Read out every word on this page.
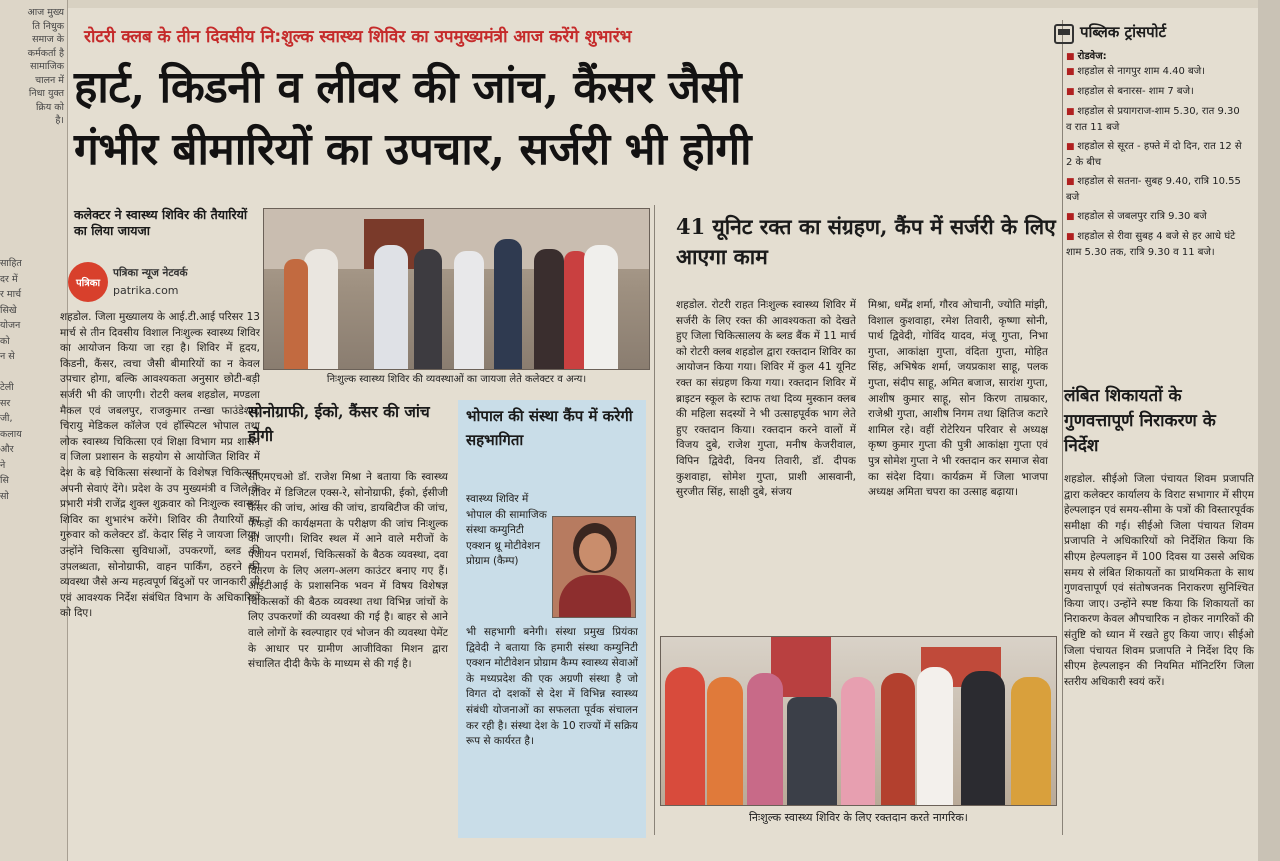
आज मुख्य
ति निधुक
समाज के
कर्मकर्ता है
सामाजिक
चालन में
निधा युक्त
क्रिय को
है।
साहित
दर में
र मार्च
सिखे
योजन
को
न से

टेली
सर
जी,
कलाय
और
ने
सि
सो
रोटरी क्लब के तीन दिवसीय नि:शुल्क स्वास्थ्य शिविर का उपमुख्यमंत्री आज करेंगे शुभारंभ
हार्ट, किडनी व लीवर की जांच, कैंसर जैसी
गंभीर बीमारियों का उपचार, सर्जरी भी होगी
कलेक्टर ने स्वास्थ्य शिविर की तैयारियों का लिया जायजा
पत्रिका
पत्रिका न्यूज नेटवर्क
patrika.com
शहडोल. जिला मुख्यालय के आई.टी.आई परिसर 13 मार्च से तीन दिवसीय विशाल निःशुल्क स्वास्थ्य शिविर का आयोजन किया जा रहा है। शिविर में हृदय, किडनी, कैंसर, त्वचा जैसी बीमारियों का न केवल उपचार होगा, बल्कि आवश्यकता अनुसार छोटी-बड़ी सर्जरी भी की जाएगी। रोटरी क्लब शहडोल, मण्डला मैकल एवं जबलपुर, राजकुमार तन्खा फाउंडेशन, चिरायु मेडिकल कॉलेज एवं हॉस्पिटल भोपाल तथा लोक स्वास्थ्य चिकित्सा एवं शिक्षा विभाग मप्र शासन व जिला प्रशासन के सहयोग से आयोजित शिविर में देश के बड़े चिकित्सा संस्थानों के विशेषज्ञ चिकित्सक अपनी सेवाएं देंगे। प्रदेश के उप मुख्यमंत्री व जिले के प्रभारी मंत्री राजेंद्र शुक्ल शुक्रवार को निःशुल्क स्वास्थ्य शिविर का शुभारंभ करेंगे। शिविर की तैयारियों का गुरुवार को कलेक्टर डॉ. केदार सिंह ने जायजा लिया। उन्होंने चिकित्सा सुविधाओं, उपकरणों, ब्लड की उपलब्धता, सोनोग्राफी, वाहन पार्किंग, ठहरने की व्यवस्था जैसे अन्य महत्वपूर्ण बिंदुओं पर जानकारी ली एवं आवश्यक निर्देश संबंधित विभाग के अधिकारियों को दिए।
निःशुल्क स्वास्थ्य शिविर की व्यवस्थाओं का जायजा लेते कलेक्टर व अन्य।
सोनोग्राफी, ईको, कैंसर की जांच होगी
सीएमएचओ डॉ. राजेश मिश्रा ने बताया कि स्वास्थ्य शिविर में डिजिटल एक्स-रे, सोनोग्राफी, ईको, ईसीजी कैंसर की जांच, आंख की जांच, डायबिटीज की जांच, फेफड़ों की कार्यक्षमता के परीक्षण की जांच निःशुल्क की जाएगी। शिविर स्थल में आने वाले मरीजों के पंजीयन परामर्श, चिकित्सकों के बैठक व्यवस्था, दवा वितरण के लिए अलग-अलग काउंटर बनाए गए हैं। आईटीआई के प्रशासनिक भवन में विषय विशेषज्ञ चिकित्सकों की बैठक व्यवस्था तथा विभिन्न जांचों के लिए उपकरणों की व्यवस्था की गई है। बाहर से आने वाले लोगों के स्वल्पाहार एवं भोजन की व्यवस्था पेमेंट के आधार पर ग्रामीण आजीविका मिशन द्वारा संचालित दीदी कैफे के माध्यम से की गई है।
भोपाल की संस्था कैंप में करेगी सहभागिता
स्वास्थ्य शिविर में भोपाल की सामाजिक संस्था कम्युनिटी एक्शन थ्रू मोटीवेशन प्रोग्राम (कैम्प)
भी सहभागी बनेगी। संस्था प्रमुख प्रियंका द्विवेदी ने बताया कि हमारी संस्था कम्युनिटी एक्शन मोटीवेशन प्रोग्राम कैम्प स्वास्थ्य सेवाओं के मध्यप्रदेश की एक अग्रणी संस्था है जो विगत दो दशकों से देश में विभिन्न स्वास्थ्य संबंधी योजनाओं का सफलता पूर्वक संचालन कर रही है। संस्था देश के 10 राज्यों में सक्रिय रूप से कार्यरत है।
41 यूनिट रक्त का संग्रहण, कैंप में सर्जरी के लिए आएगा काम
शहडोल. रोटरी राहत निःशुल्क स्वास्थ्य शिविर में सर्जरी के लिए रक्त की आवश्यकता को देखते हुए जिला चिकित्सालय के ब्लड बैंक में 11 मार्च को रोटरी क्लब शहडोल द्वारा रक्तदान शिविर का आयोजन किया गया। शिविर में कुल 41 यूनिट रक्त का संग्रहण किया गया। रक्तदान शिविर में ब्राइटन स्कूल के स्टाफ तथा दिव्य मुस्कान क्लब की महिला सदस्यों ने भी उत्साहपूर्वक भाग लेते हुए रक्तदान किया। रक्तदान करने वालों में विजय दुबे, राजेश गुप्ता, मनीष केजरीवाल, विपिन द्विवेदी, विनय तिवारी, डॉ. दीपक कुशवाहा, सोमेश गुप्ता, प्राशी आसवानी, सुरजीत सिंह, साक्षी दुबे, संजय
मिश्रा, धर्मेंद्र शर्मा, गौरव ओचानी, ज्योति मांझी, विशाल कुशवाहा, रमेश तिवारी, कृष्णा सोनी, पार्थ द्विवेदी, गोविंद यादव, मंजू गुप्ता, निभा गुप्ता, आकांक्षा गुप्ता, वंदिता गुप्ता, मोहित सिंह, अभिषेक शर्मा, जयप्रकाश साहू, पलक गुप्ता, संदीप साहू, अमित बजाज, सारांश गुप्ता, आशीष कुमार साहू, सोन किरण ताम्रकार, राजेश्री गुप्ता, आशीष निगम तथा क्षितिज कटारे शामिल रहे। वहीं रोटेरियन परिवार से अध्यक्ष कृष्ण कुमार गुप्ता की पुत्री आकांक्षा गुप्ता एवं पुत्र सोमेश गुप्ता ने भी रक्तदान कर समाज सेवा का संदेश दिया। कार्यक्रम में जिला भाजपा अध्यक्ष अमिता चपरा का उत्साह बढ़ाया।
निःशुल्क स्वास्थ्य शिविर के लिए रक्तदान करते नागरिक।
पब्लिक ट्रांसपोर्ट
■ रोडवेज:
■ शहडोल से नागपुर शाम 4.40 बजे।
■ शहडोल से बनारस- शाम 7 बजे।
■ शहडोल से प्रयागराज-शाम 5.30, रात 9.30 व रात 11 बजे
■ शहडोल से सूरत - हफ्ते में दो दिन, रात 12 से 2 के बीच
■ शहडोल से सतना- सुबह 9.40, रात्रि 10.55 बजे
■ शहडोल से जबलपुर रात्रि 9.30 बजे
■ शहडोल से रीवा सुबह 4 बजे से हर आधे घंटे शाम 5.30 तक, रात्रि 9.30 व 11 बजे।
लंबित शिकायतों के गुणवत्तापूर्ण निराकरण के निर्देश
शहडोल. सीईओ जिला पंचायत शिवम प्रजापति द्वारा कलेक्टर कार्यालय के विराट सभागार में सीएम हेल्पलाइन एवं समय-सीमा के पत्रों की विस्तारपूर्वक समीक्षा की गई। सीईओ जिला पंचायत शिवम प्रजापति ने अधिकारियों को निर्देशित किया कि सीएम हेल्पलाइन में 100 दिवस या उससे अधिक समय से लंबित शिकायतों का प्राथमिकता के साथ गुणवत्तापूर्ण एवं संतोषजनक निराकरण सुनिश्चित किया जाए। उन्होंने स्पष्ट किया कि शिकायतों का निराकरण केवल औपचारिक न होकर नागरिकों की संतुष्टि को ध्यान में रखते हुए किया जाए। सीईओ जिला पंचायत शिवम प्रजापति ने निर्देश दिए कि सीएम हेल्पलाइन की नियमित मॉनिटरिंग जिला स्तरीय अधिकारी स्वयं करें।
